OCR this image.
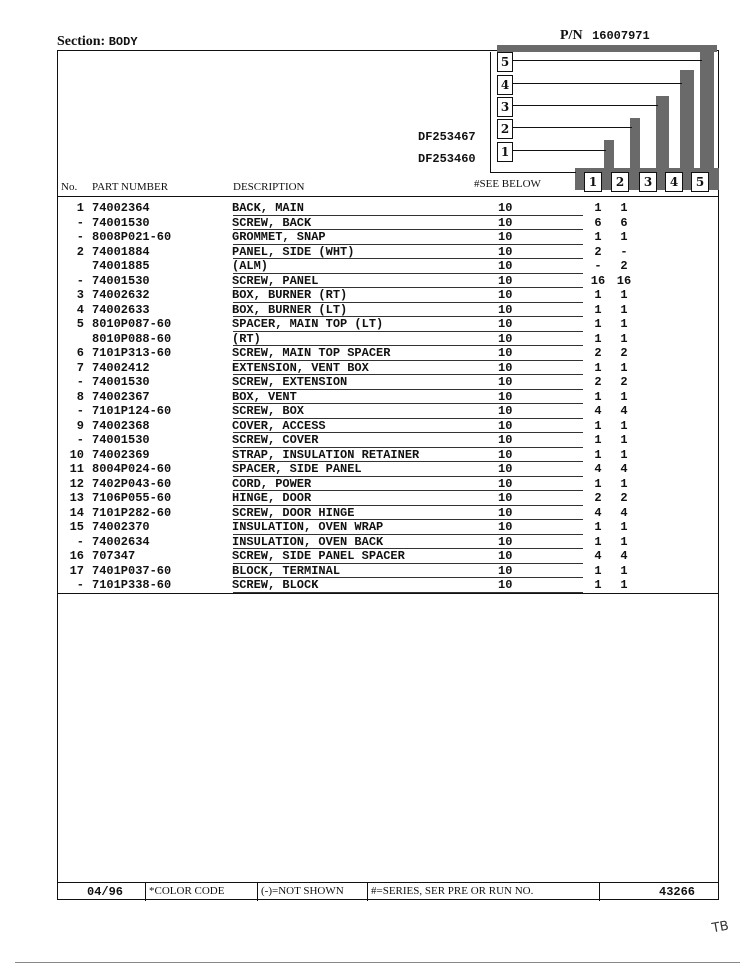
Section: BODY	P/N 16007971
5
4
3
2
1
DF253467
DF253460
1	2	3	4	5
No. PART NUMBER	DESCRIPTION	#SEE BELOW
1 74002364	BACK, MAIN	10	1	1
- 74001530	SCREW, BACK	10	6	6
- 8008P021-60	GROMMET, SNAP	10	1	1
2 74001884	PANEL, SIDE (WHT)	10	2	-
74001885	(ALM)	10	-	2
- 74001530	SCREW, PANEL	10	16 16
3 74002632	BOX, BURNER (RT)	10	1	1
4 74002633	BOX, BURNER (LT)	10	1	1
5 8010P087-60	SPACER, MAIN TOP (LT)	10	1	1
8010P088-60	(RT)	10	1	1
6 7101P313-60	SCREW, MAIN TOP SPACER	10	2	2
7 74002412	EXTENSION, VENT BOX	10	1	1
- 74001530	SCREW, EXTENSION	10	2	2
8 74002367	BOX, VENT	10	1	1
- 7101P124-60	SCREW, BOX	10	4	4
9 74002368	COVER, ACCESS	10	1	1
- 74001530	SCREW, COVER	10	1	1
10 74002369	STRAP, INSULATION RETAINER	10	1	1
11 8004P024-60	SPACER, SIDE PANEL	10	4	4
12 7402P043-60	CORD, POWER	10	1	1
13 7106P055-60	HINGE, DOOR	10	2	2
14 7101P282-60	SCREW, DOOR HINGE	10	4	4
15 74002370	INSULATION, OVEN WRAP	10	1	1
- 74002634	INSULATION, OVEN BACK	10	1	1
16 707347	SCREW, SIDE PANEL SPACER	10	4	4
17 7401P037-60	BLOCK, TERMINAL	10	1	1
- 7101P338-60	SCREW, BLOCK	10	1	1
04/96 *COLOR CODE	(-)=NOT SHOWN #=SERIES, SER PRE OR RUN NO.	43266
TB
